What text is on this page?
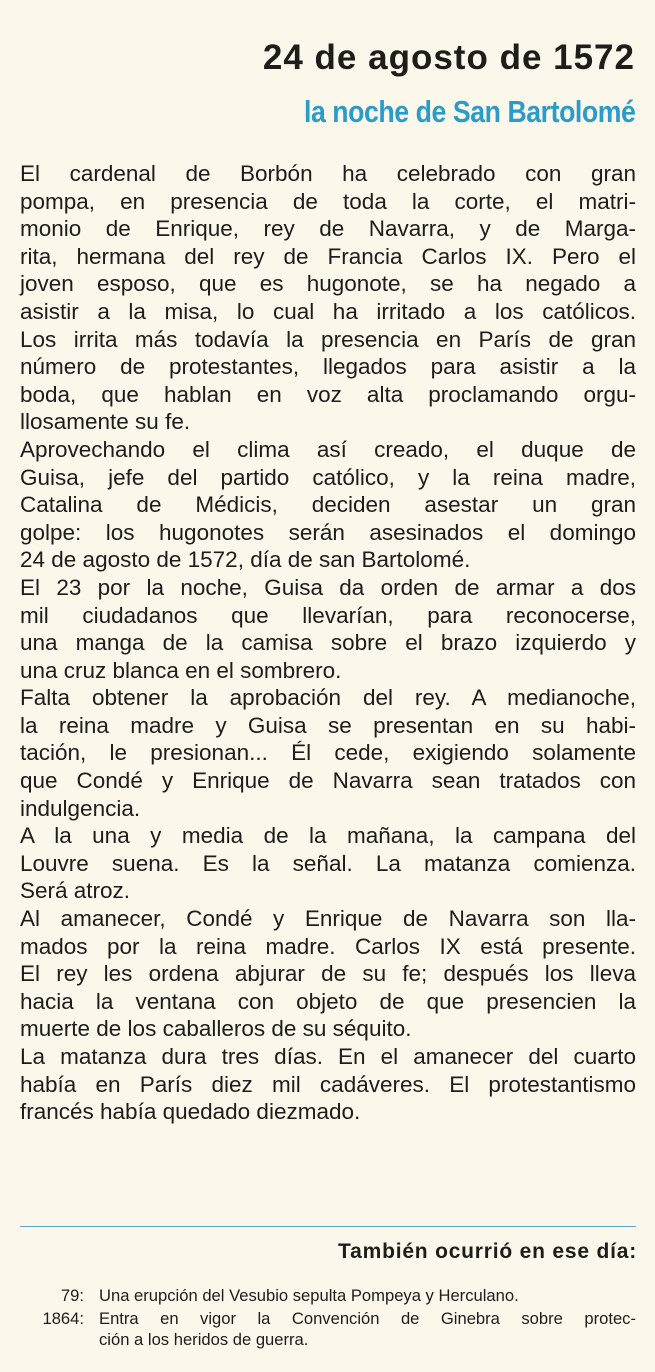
24 de agosto de 1572
la noche de San Bartolomé

El cardenal de Borbón ha celebrado con gran
pompa, en presencia de toda la corte, el matri-
monio de Enrique, rey de Navarra, y de Marga-
rita, hermana del rey de Francia Carlos IX. Pero el
joven esposo, que es hugonote, se ha negado a
asistir a la misa, lo cual ha irritado a los católicos.
Los irrita más todavía la presencia en París de gran
número de protestantes, llegados para asistir a la
boda, que hablan en voz alta proclamando orgu-
llosamente su fe.

Aprovechando el clima así creado, el duque de
Guisa, jefe del partido católico, y la reina madre,
Catalina de Médicis, deciden asestar un gran
golpe: los hugonotes serán asesinados el domingo
24 de agosto de 1572, día de san Bartolomé.

El 23 por la noche, Guisa da orden de armar a dos
mil ciudadanos que llevarían, para reconocerse,
una manga de la camisa sobre el brazo izquierdo y
una cruz blanca en el sombrero.

Falta obtener la aprobación del rey. A medianoche,
la reina madre y Guisa se presentan en su habi-
tación, le presionan... Él cede, exigiendo solamente
que Condé y Enrique de Navarra sean tratados con
indulgencia.

A la una y media de la mañana, la campana del
Louvre suena. Es la señal. La matanza comienza.
Será atroz.

Al amanecer, Condé y Enrique de Navarra son lla-
mados por la reina madre. Carlos IX está presente.
El rey les ordena abjurar de su fe; después los lleva
hacia la ventana con objeto de que presencien la
muerte de los caballeros de su séquito.

La matanza dura tres días. En el amanecer del cuarto
había en París diez mil cadáveres. El protestantismo
francés había quedado diezmado.

También ocurrió en ese día:
79: Una erupción del Vesubio sepulta Pompeya y Herculano.
1864: Entra en vigor la Convención de Ginebra sobre protec-
ción a los heridos de guerra.
